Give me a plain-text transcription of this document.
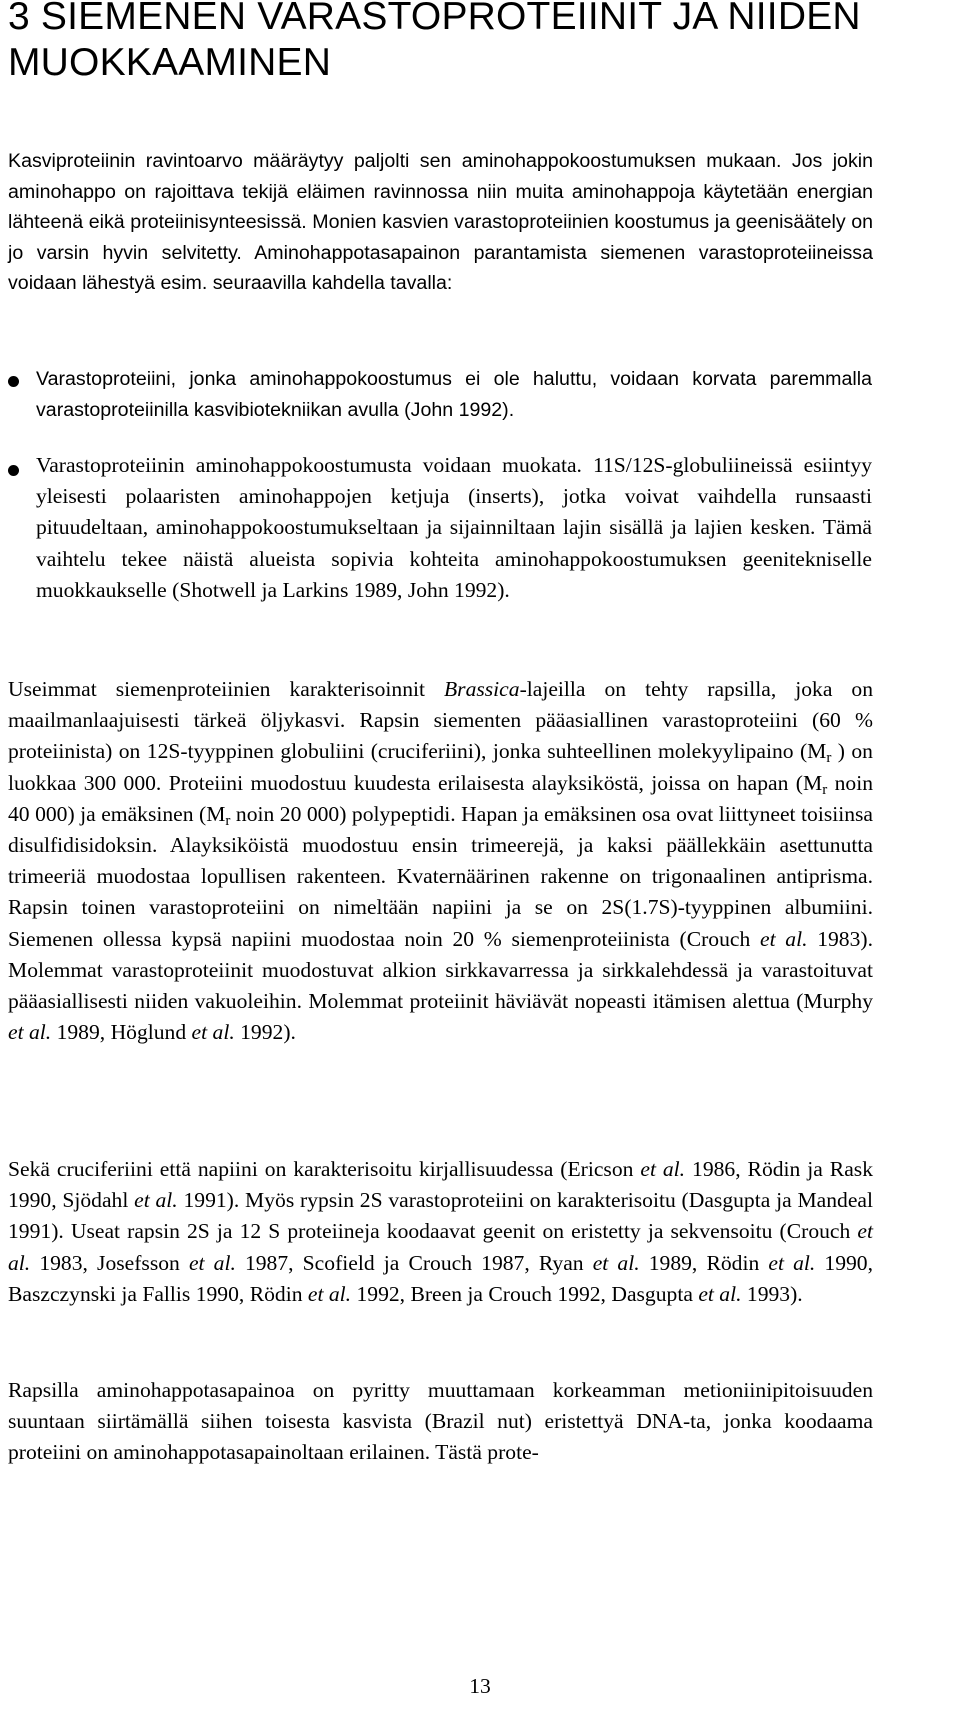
3 SIEMENEN VARASTOPROTEIINIT JA NIIDEN MUOKKAAMINEN

Kasviproteiinin ravintoarvo määräytyy paljolti sen aminohappokoostumuksen mukaan. Jos jokin aminohappo on rajoittava tekijä eläimen ravinnossa niin muita aminohappoja käytetään energian lähteenä eikä proteiinisynteesissä. Monien kasvien varastoproteiinien koostumus ja geenisäätely on jo varsin hyvin selvitetty. Aminohappotasapainon parantamista siemenen varastoproteiineissa voidaan lähestyä esim. seuraavilla kahdella tavalla:

Varastoproteiini, jonka aminohappokoostumus ei ole haluttu, voidaan korvata paremmalla varastoproteiinilla kasvibiotekniikan avulla (John 1992).

Varastoproteiinin aminohappokoostumusta voidaan muokata. 11S/12S-globuliineissä esiintyy yleisesti polaaristen aminohappojen ketjuja (inserts), jotka voivat vaihdella runsaasti pituudeltaan, aminohappokoostumukseltaan ja sijainniltaan lajin sisällä ja lajien kesken. Tämä vaihtelu tekee näistä alueista sopivia kohteita aminohappokoostumuksen geenitekniselle muokkaukselle (Shotwell ja Larkins 1989, John 1992).

Useimmat siemenproteiinien karakterisoinnit Brassica-lajeilla on tehty rapsilla, joka on maailmanlaajuisesti tärkeä öljykasvi. Rapsin siementen pääasiallinen varastoproteiini (60 % proteiinista) on 12S-tyyppinen globuliini (cruciferiini), jonka suhteellinen molekyylipaino ($M_r$ ) on luokkaa 300 000. Proteiini muodostuu kuudesta erilaisesta alayksiköstä, joissa on hapan ($M_r$ noin 40 000) ja emäksinen ($M_r$ noin 20 000) polypeptidi. Hapan ja emäksinen osa ovat liittyneet toisiinsa disulfidisidoksin. Alayksiköistä muodostuu ensin trimeerejä, ja kaksi päällekkäin asettunutta trimeeriä muodostaa lopullisen rakenteen. Kvaternäärinen rakenne on trigonaalinen antiprisma. Rapsin toinen varastoproteiini on nimeltään napiini ja se on 2S(1.7S)-tyyppinen albumiini. Siemenen ollessa kypsä napiini muodostaa noin 20 % siemenproteiinista (Crouch et al. 1983). Molemmat varastoproteiinit muodostuvat alkion sirkkavarressa ja sirkkalehdessä ja varastoituvat pääasiallisesti niiden vakuoleihin. Molemmat proteiinit häviävät nopeasti itämisen alettua (Murphy et al. 1989, Höglund et al. 1992).

Sekä cruciferiini että napiini on karakterisoitu kirjallisuudessa (Ericson et al. 1986, Rödin ja Rask 1990, Sjödahl et al. 1991). Myös rypsin 2S varastoproteiini on karakterisoitu (Dasgupta ja Mandeal 1991). Useat rapsin 2S ja 12 S proteiineja koodaavat geenit on eristetty ja sekvensoitu (Crouch et al. 1983, Josefsson et al. 1987, Scofield ja Crouch 1987, Ryan et al. 1989, Rödin et al. 1990, Baszczynski ja Fallis 1990, Rödin et al. 1992, Breen ja Crouch 1992, Dasgupta et al. 1993).

Rapsilla aminohappotasapainoa on pyritty muuttamaan korkeamman metioniinipitoisuuden suuntaan siirtämällä siihen toisesta kasvista (Brazil nut) eristettyä DNA-ta, jonka koodaama proteiini on aminohappotasapainoltaan erilainen. Tästä prote-

13
